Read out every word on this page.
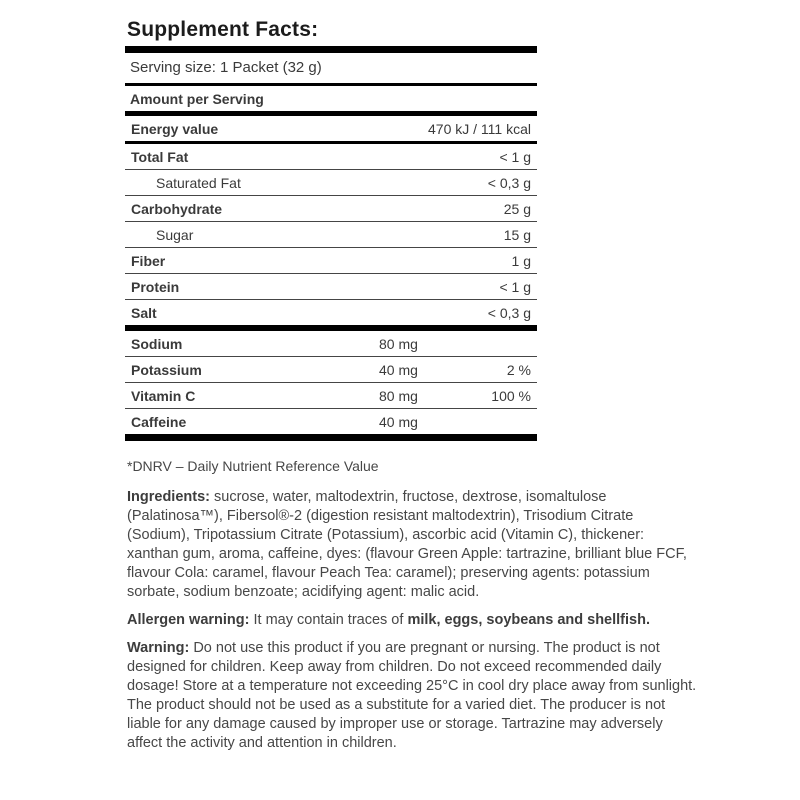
Supplement Facts:
Serving size: 1 Packet (32 g)
Amount per Serving
Energy value	470 kJ / 111 kcal
Total Fat	< 1 g
Saturated Fat	< 0,3 g
Carbohydrate	25 g
Sugar	15 g
Fiber	1 g
Protein	< 1 g
Salt	< 0,3 g
Sodium	80 mg
Potassium	40 mg	2 %
Vitamin C	80 mg	100 %
Caffeine	40 mg
*DNRV – Daily Nutrient Reference Value

Ingredients: sucrose, water, maltodextrin, fructose, dextrose, isomaltulose (Palatinosa™), Fibersol®-2 (digestion resistant maltodextrin), Trisodium Citrate (Sodium), Tripotassium Citrate (Potassium), ascorbic acid (Vitamin C), thickener: xanthan gum, aroma, caffeine, dyes: (flavour Green Apple: tartrazine, brilliant blue FCF, flavour Cola: caramel, flavour Peach Tea: caramel); preserving agents: potassium sorbate, sodium benzoate; acidifying agent: malic acid.

Allergen warning: It may contain traces of milk, eggs, soybeans and shellfish.

Warning: Do not use this product if you are pregnant or nursing. The product is not designed for children. Keep away from children. Do not exceed recommended daily dosage! Store at a temperature not exceeding 25°C in cool dry place away from sunlight. The product should not be used as a substitute for a varied diet. The producer is not liable for any damage caused by improper use or storage. Tartrazine may adversely affect the activity and attention in children.
